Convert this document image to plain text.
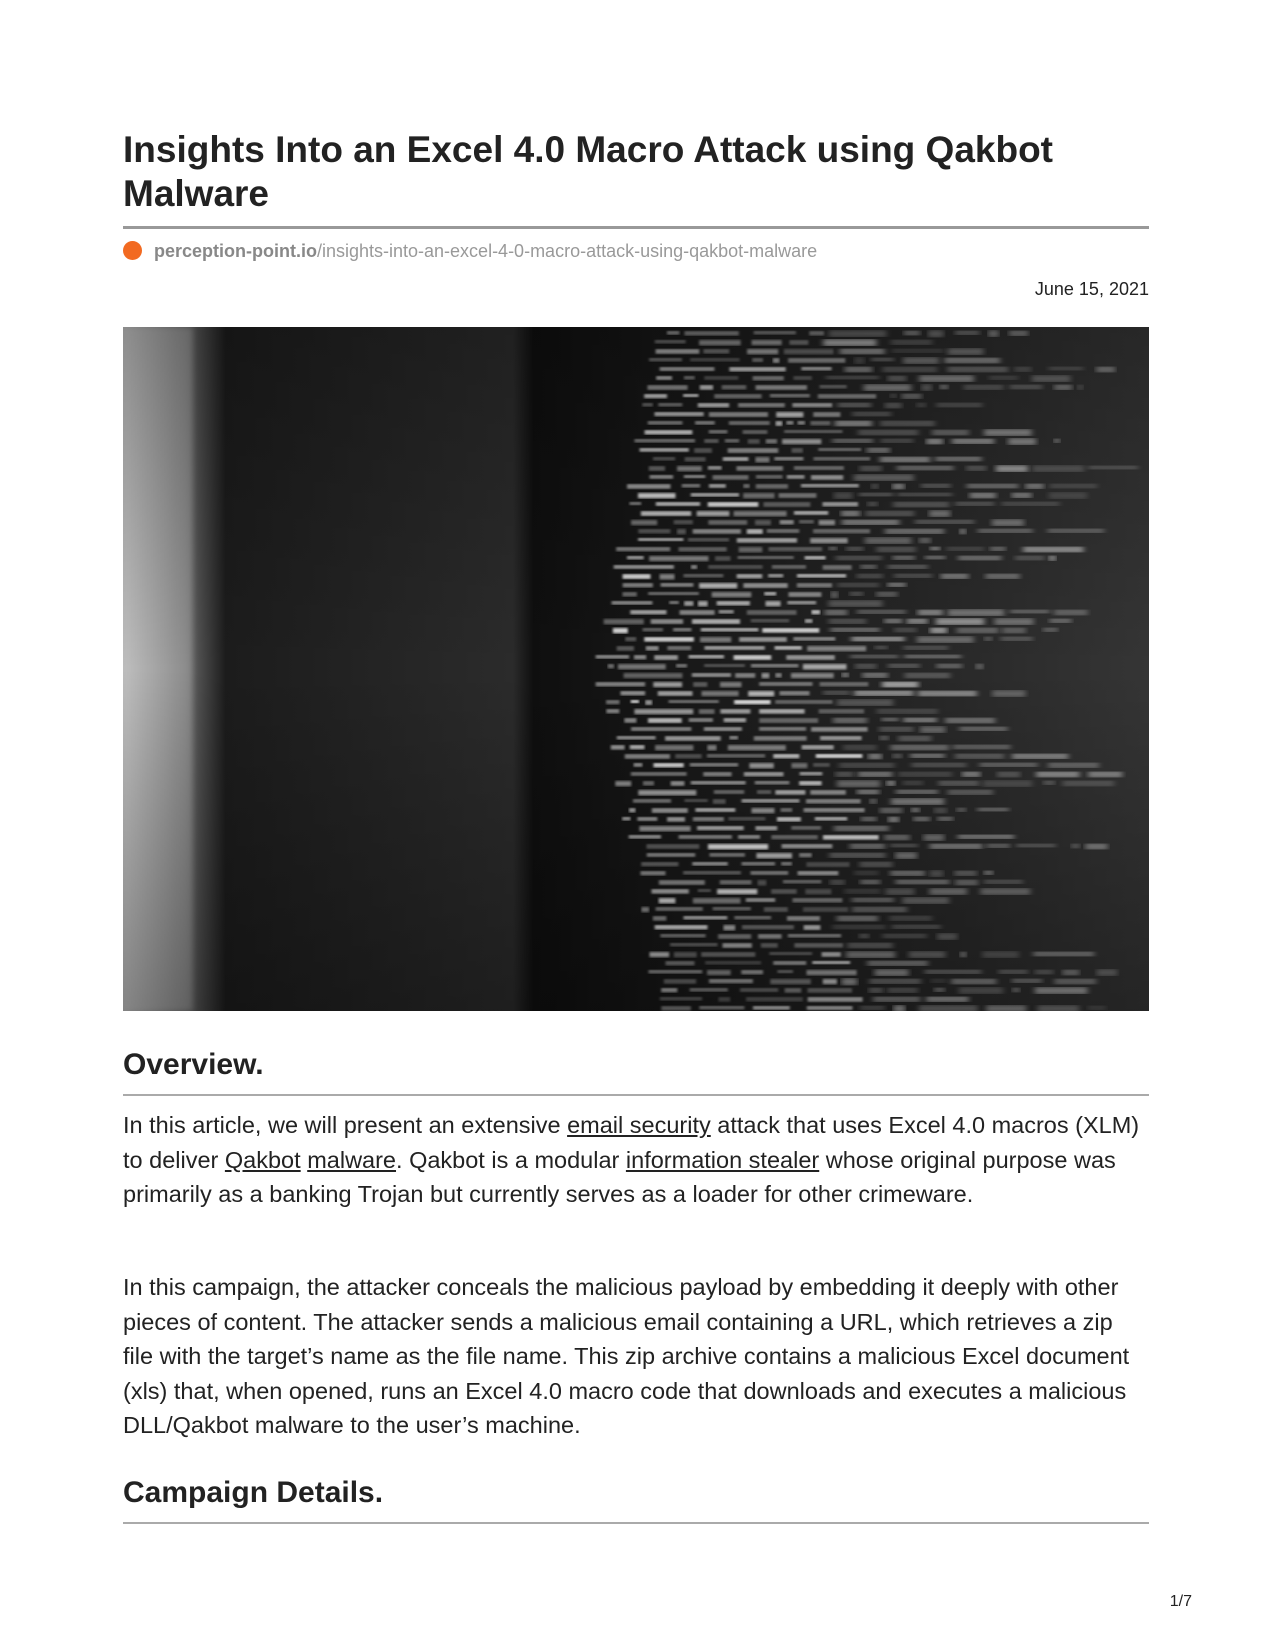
Insights Into an Excel 4.0 Macro Attack using Qakbot Malware
perception-point.io/insights-into-an-excel-4-0-macro-attack-using-qakbot-malware
June 15, 2021
Overview.

In this article, we will present an extensive email security attack that uses Excel 4.0 macros (XLM) to deliver Qakbot malware. Qakbot is a modular information stealer whose original purpose was primarily as a banking Trojan but currently serves as a loader for other crimeware.

In this campaign, the attacker conceals the malicious payload by embedding it deeply with other pieces of content. The attacker sends a malicious email containing a URL, which retrieves a zip file with the target’s name as the file name. This zip archive contains a malicious Excel document (xls) that, when opened, runs an Excel 4.0 macro code that downloads and executes a malicious DLL/Qakbot malware to the user’s machine.

Campaign Details.
1/7
